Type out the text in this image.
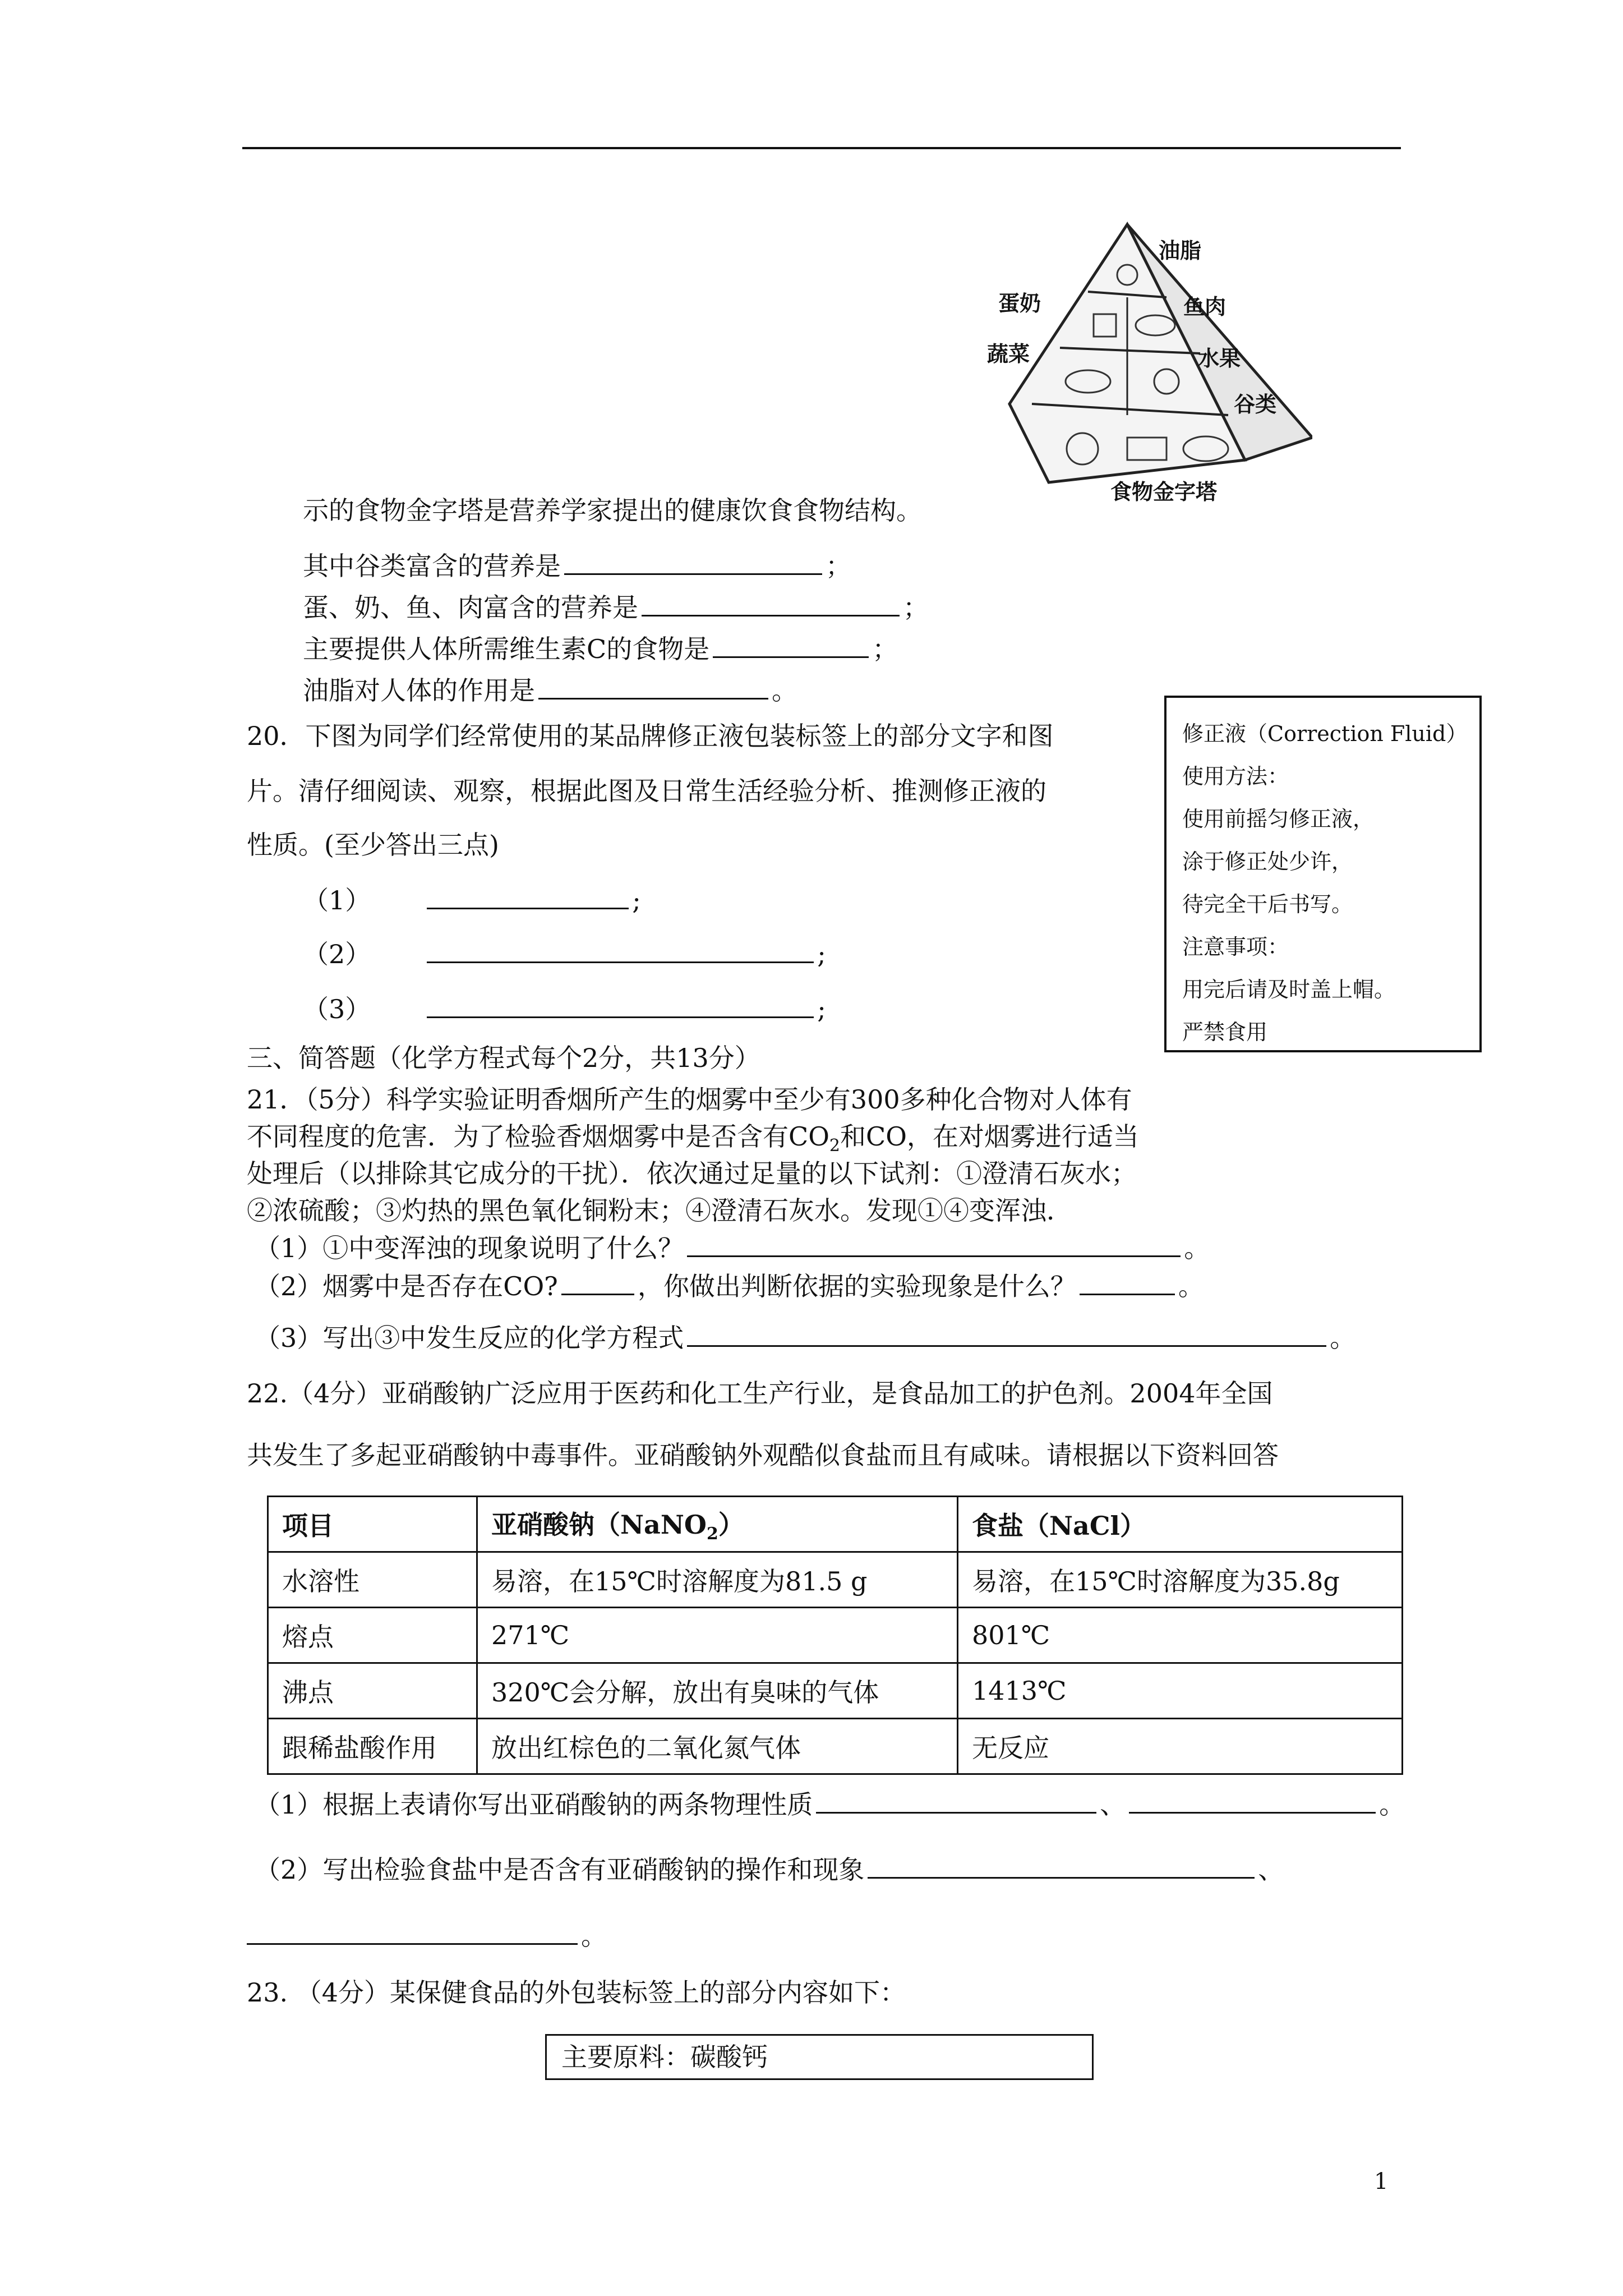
油脂
蛋奶	鱼肉
蔬菜	水果
谷类
食物金字塔
示的食物金字塔是营养学家提出的健康饮食食物结构。
其中谷类富含的营养是	；
蛋、奶、鱼、肉富含的营养是	；
主要提供人体所需维生素C的食物是	；
油脂对人体的作用是	。
20．下图为同学们经常使用的某品牌修正液包装标签上的部分文字和图
片。清仔细阅读、观察，根据此图及日常生活经验分析、推测修正液的
性质。(至少答出三点)
（1）	;
（2）	;
（3）	;
修正液（Correction Fluid）
使用方法：
使用前摇匀修正液，
涂于修正处少许，
待完全干后书写。
注意事项：
用完后请及时盖上帽。
严禁食用
三、简答题（化学方程式每个2分，共13分）
21．（5分）科学实验证明香烟所产生的烟雾中至少有300多种化合物对人体有
不同程度的危害．为了检验香烟烟雾中是否含有$CO_2$和CO，在对烟雾进行适当
处理后（以排除其它成分的干扰）．依次通过足量的以下试剂：①澄清石灰水；
②浓硫酸；③灼热的黑色氧化铜粉末；④澄清石灰水。发现①④变浑浊．
（1）①中变浑浊的现象说明了什么？	。
（2）烟雾中是否存在CO?	，你做出判断依据的实验现象是什么？	。
（3）写出③中发生反应的化学方程式	。
22.（4分）亚硝酸钠广泛应用于医药和化工生产行业，是食品加工的护色剂。2004年全国
共发生了多起亚硝酸钠中毒事件。亚硝酸钠外观酷似食盐而且有咸味。请根据以下资料回答
项目	亚硝酸钠（NaNO$_2$）	食盐（NaCl）
水溶性	易溶，在15℃时溶解度为81.5 g	易溶，在15℃时溶解度为35.8g
熔点	271℃	801℃
沸点	320℃会分解，放出有臭味的气体	1413℃
跟稀盐酸作用	放出红棕色的二氧化氮气体	无反应
（1）根据上表请你写出亚硝酸钠的两条物理性质	、	。
（2）写出检验食盐中是否含有亚硝酸钠的操作和现象	、
。
23. （4分）某保健食品的外包装标签上的部分内容如下：
主要原料：碳酸钙
1
